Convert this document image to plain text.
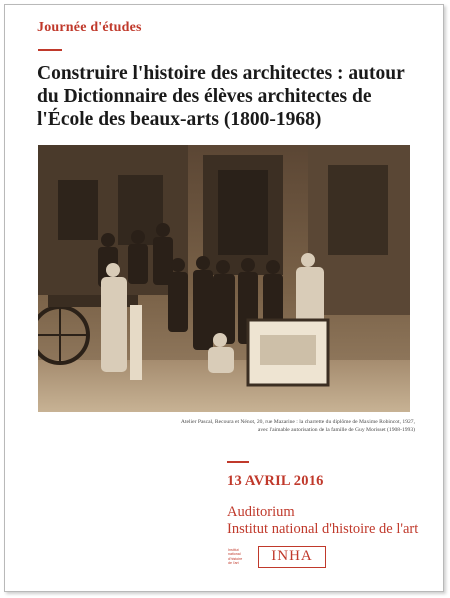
Journée d'études
Construire l'histoire des architectes : autour
du Dictionnaire des élèves architectes de
l'École des beaux-arts (1800-1968)
Atelier Pascal, Recoura et Nénot, 20, rue Mazarine : la charrette du diplôme de Maxime Robincot, 1927,
avec l'aimable autorisation de la famille de Guy Morisset (1908-1993)
13 AVRIL 2016
Auditorium
Institut national d'histoire de l'art
Institut
national
d'histoire
de l'art	INHA
